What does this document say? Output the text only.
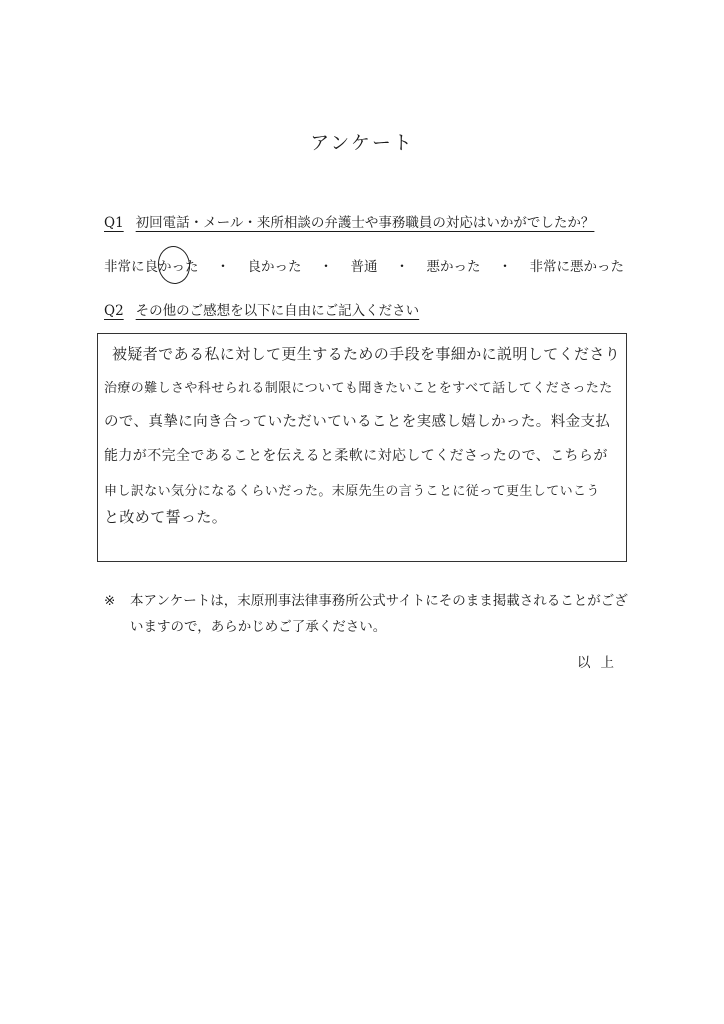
アンケート
Q1 初回電話・メール・来所相談の弁護士や事務職員の対応はいかがでしたか？
非常に良かった ・ 良かった ・ 普通 ・ 悪かった ・ 非常に悪かった
Q2 その他のご感想を以下に自由にご記入ください
被疑者である私に対して更生するための手段を事細かに説明してくださり
治療の難しさや科せられる制限についても聞きたいことをすべて話してくださったた
ので、真摯に向き合っていただいていることを実感し嬉しかった。料金支払
能力が不完全であることを伝えると柔軟に対応してくださったので、こちらが
申し訳ない気分になるくらいだった。末原先生の言うことに従って更生していこう
と改めて誓った。
※ 本アンケートは，末原刑事法律事務所公式サイトにそのまま掲載されることがございますので，あらかじめご了承ください。
以上
